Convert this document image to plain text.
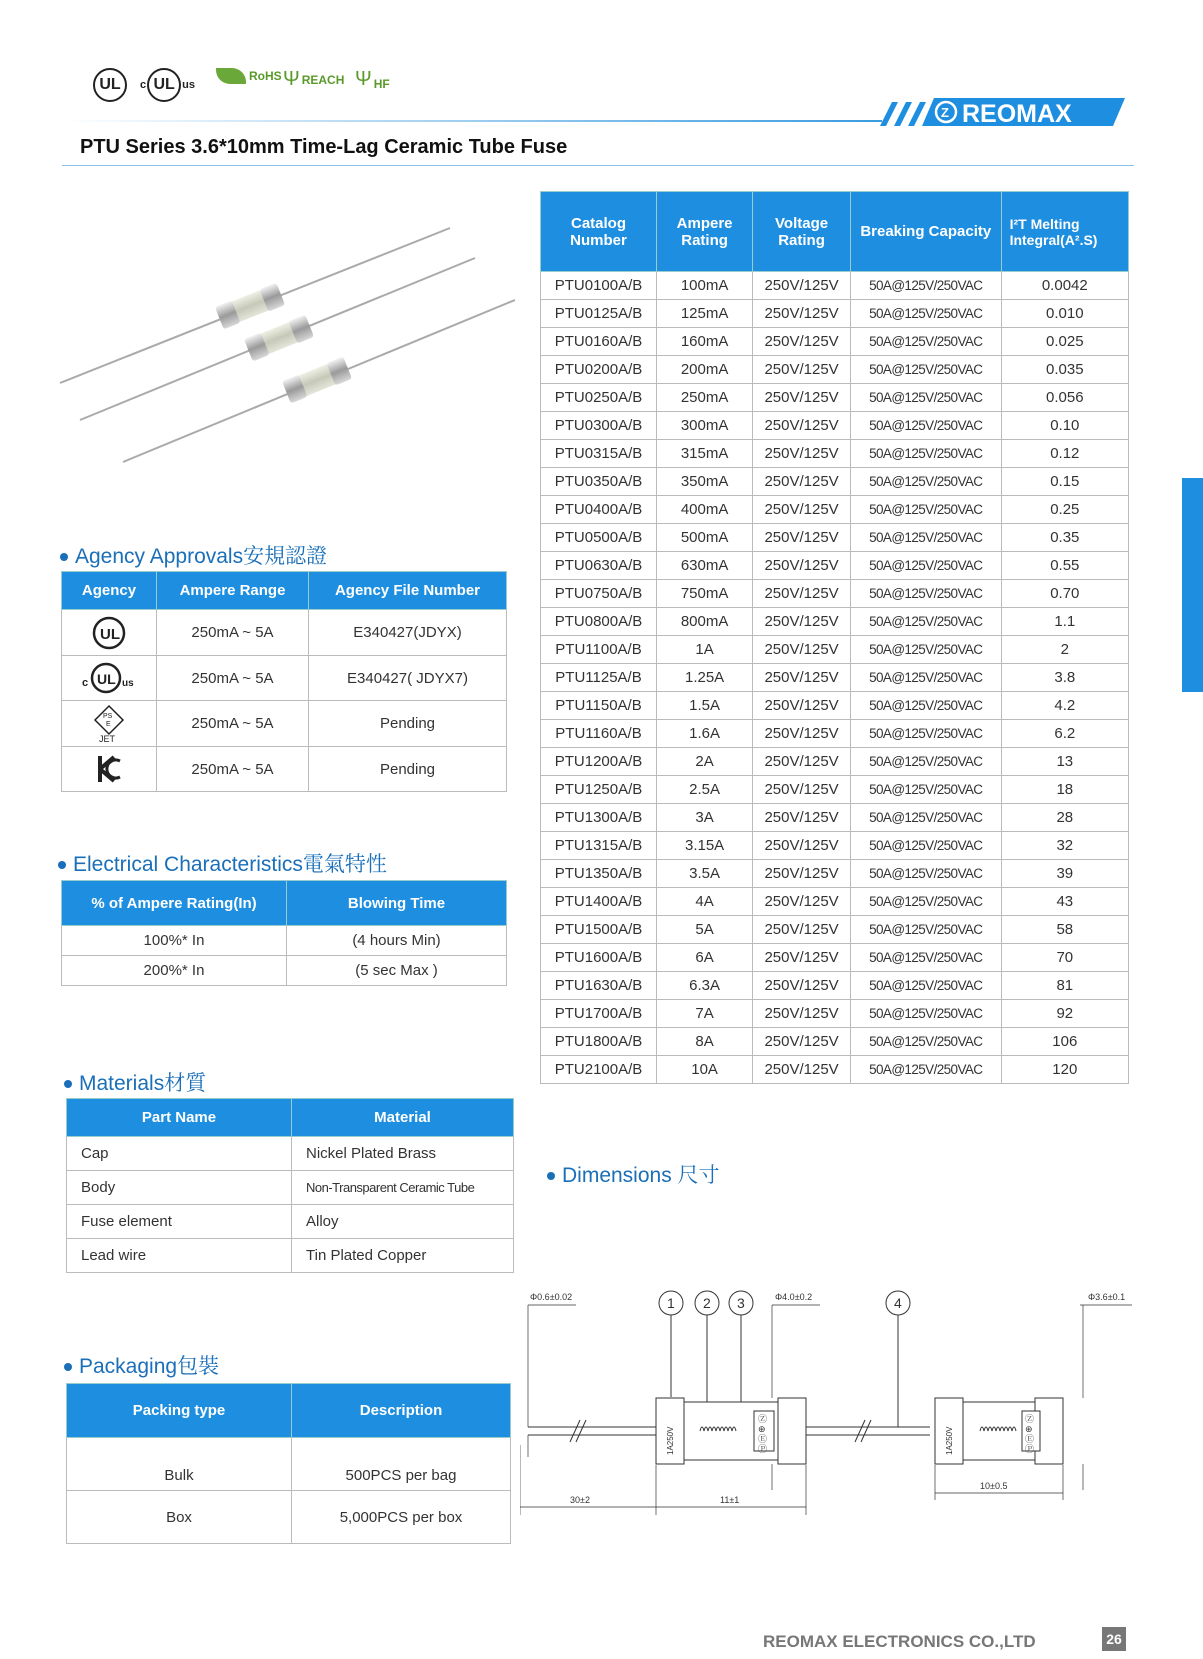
UL	c UL us
RoHS Ψ REACH Ψ HF
Z REOMAX
PTU Series 3.6*10mm Time-Lag Ceramic Tube Fuse
Catalog Number	Ampere Rating	Voltage Rating	Breaking Capacity	I²T Melting Integral(A².S)
PTU0100A/B	100mA	250V/125V	50A@125V/250VAC	0.0042
PTU0125A/B	125mA	250V/125V	50A@125V/250VAC	0.010
PTU0160A/B	160mA	250V/125V	50A@125V/250VAC	0.025
PTU0200A/B	200mA	250V/125V	50A@125V/250VAC	0.035
PTU0250A/B	250mA	250V/125V	50A@125V/250VAC	0.056
PTU0300A/B	300mA	250V/125V	50A@125V/250VAC	0.10
PTU0315A/B	315mA	250V/125V	50A@125V/250VAC	0.12
PTU0350A/B	350mA	250V/125V	50A@125V/250VAC	0.15
PTU0400A/B	400mA	250V/125V	50A@125V/250VAC	0.25
PTU0500A/B	500mA	250V/125V	50A@125V/250VAC	0.35
PTU0630A/B	630mA	250V/125V	50A@125V/250VAC	0.55
PTU0750A/B	750mA	250V/125V	50A@125V/250VAC	0.70
PTU0800A/B	800mA	250V/125V	50A@125V/250VAC	1.1
PTU1100A/B	1A	250V/125V	50A@125V/250VAC	2
PTU1125A/B	1.25A	250V/125V	50A@125V/250VAC	3.8
PTU1150A/B	1.5A	250V/125V	50A@125V/250VAC	4.2
PTU1160A/B	1.6A	250V/125V	50A@125V/250VAC	6.2
PTU1200A/B	2A	250V/125V	50A@125V/250VAC	13
PTU1250A/B	2.5A	250V/125V	50A@125V/250VAC	18
PTU1300A/B	3A	250V/125V	50A@125V/250VAC	28
PTU1315A/B	3.15A	250V/125V	50A@125V/250VAC	32
PTU1350A/B	3.5A	250V/125V	50A@125V/250VAC	39
PTU1400A/B	4A	250V/125V	50A@125V/250VAC	43
PTU1500A/B	5A	250V/125V	50A@125V/250VAC	58
PTU1600A/B	6A	250V/125V	50A@125V/250VAC	70
PTU1630A/B	6.3A	250V/125V	50A@125V/250VAC	81
PTU1700A/B	7A	250V/125V	50A@125V/250VAC	92
PTU1800A/B	8A	250V/125V	50A@125V/250VAC	106
PTU2100A/B	10A	250V/125V	50A@125V/250VAC	120
Agency Approvals安規認證
Agency	Ampere Range	Agency File Number

UL	250mA ~ 5A	E340427(JDYX)

c UL us	250mA ~ 5A	E340427( JDYX7)

PS
E
JET	250mA ~ 5A	Pending

	250mA ~ 5A	Pending
Electrical Characteristics電氣特性
% of Ampere Rating(In)	Blowing Time
100%* In	(4 hours Min)
200%* In	(5 sec Max )
Materials材質
Part Name	Material
Cap	Nickel Plated Brass
Body	Non-Transparent Ceramic Tube
Fuse element	Alloy
Lead wire	Tin Plated Copper
Packaging包裝
Packing type	Description
Bulk	500PCS per bag
Box	5,000PCS per box
Dimensions 尺寸
1 2 3	4
1A250V
Ⓩ
⊕
Ⓔ
Ⓟ
Φ0.6±0.02	Φ4.0±0.2
30±2	11±1
1A250V
Ⓩ
⊕
Ⓔ
Ⓟ
Φ3.6±0.1
10±0.5
REOMAX ELECTRONICS CO.,LTD	26
